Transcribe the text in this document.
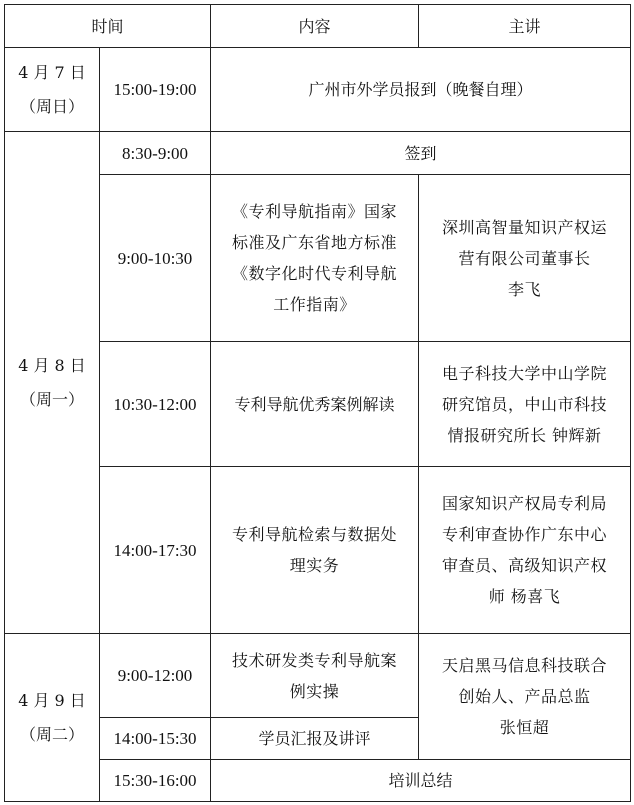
时间		内容	主讲

4 月 7 日
（周日）	15:00-19:00	广州市外学员报到（晚餐自理）	

4 月 8 日
（周一）	8:30-9:00	签到	
	9:00-10:30	《专利导航指南》国家
标准及广东省地方标准
《数字化时代专利导航
工作指南》	深圳高智量知识产权运
营有限公司董事长
李飞
	10:30-12:00	专利导航优秀案例解读	电子科技大学中山学院
研究馆员，中山市科技
情报研究所长 钟辉新
	14:00-17:30	专利导航检索与数据处
理实务	国家知识产权局专利局
专利审查协作广东中心
审查员、高级知识产权
师 杨喜飞

4 月 9 日
（周二）	9:00-12:00	技术研发类专利导航案
例实操	天启黑马信息科技联合
创始人、产品总监
张恒超
	14:00-15:30	学员汇报及讲评	
	15:30-16:00	培训总结	
